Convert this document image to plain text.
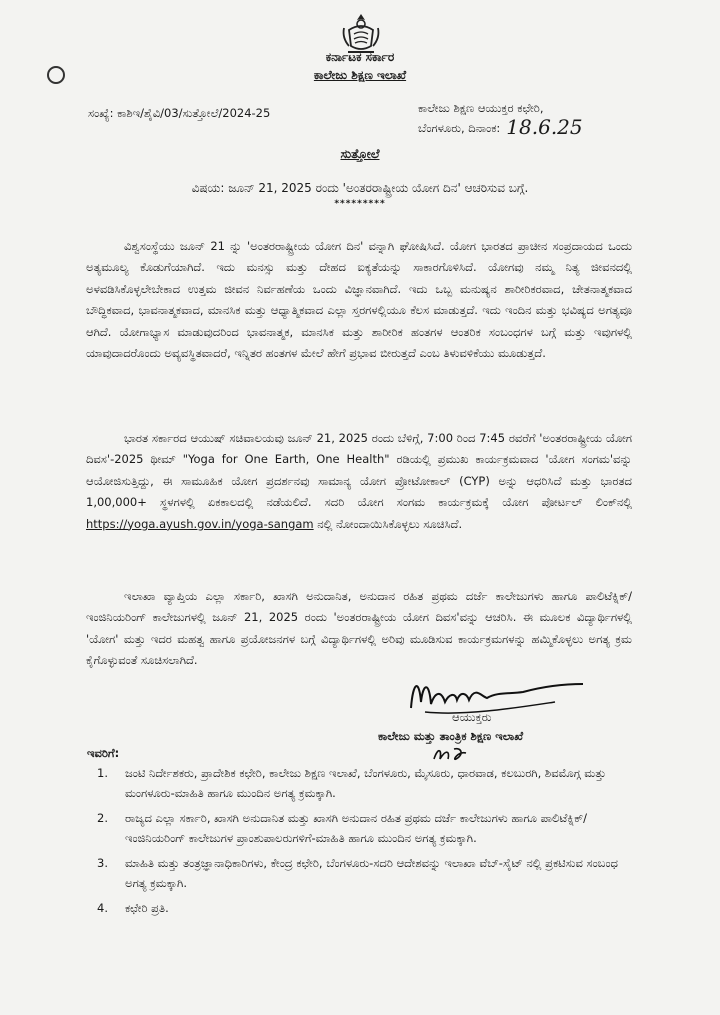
ಕರ್ನಾಟಕ ಸರ್ಕಾರ
ಕಾಲೇಜು ಶಿಕ್ಷಣ ಇಲಾಖೆ
ಸಂಖ್ಯೆ: ಕಾಶಿಇ/ಶೈವಿ/03/ಸುತ್ತೋಲೆ/2024-25	ಕಾಲೇಜು ಶಿಕ್ಷಣ ಆಯುಕ್ತರ ಕಛೇರಿ,
ಬೆಂಗಳೂರು, ದಿನಾಂಕ: 18.6.25
ಸುತ್ತೋಲೆ
ವಿಷಯ: ಜೂನ್ 21, 2025 ರಂದು 'ಅಂತರರಾಷ್ಟ್ರೀಯ ಯೋಗ ದಿನ' ಆಚರಿಸುವ ಬಗ್ಗೆ.
*********

ವಿಶ್ವಸಂಸ್ಥೆಯು ಜೂನ್ 21 ನ್ನು 'ಅಂತರರಾಷ್ಟ್ರೀಯ ಯೋಗ ದಿನ' ವನ್ನಾಗಿ ಘೋಷಿಸಿದೆ. ಯೋಗ ಭಾರತದ ಪ್ರಾಚೀನ ಸಂಪ್ರದಾಯದ ಒಂದು ಅತ್ಯಮೂಲ್ಯ ಕೊಡುಗೆಯಾಗಿದೆ. ಇದು ಮನಸ್ಸು ಮತ್ತು ದೇಹದ ಐಕ್ಯತೆಯನ್ನು ಸಾಕಾರಗೊಳಿಸಿದೆ. ಯೋಗವು ನಮ್ಮ ನಿತ್ಯ ಜೀವನದಲ್ಲಿ ಅಳವಡಿಸಿಕೊಳ್ಳಲೇಬೇಕಾದ ಉತ್ತಮ ಜೀವನ ನಿರ್ವಹಣೆಯ ಒಂದು ವಿಜ್ಞಾನವಾಗಿದೆ. ಇದು ಒಬ್ಬ ಮನುಷ್ಯನ ಶಾರೀರಿಕರವಾದ, ಚೇತನಾತ್ಮಕವಾದ ಬೌದ್ಧಿಕವಾದ, ಭಾವನಾತ್ಮಕವಾದ, ಮಾನಸಿಕ ಮತ್ತು ಆಧ್ಯಾತ್ಮಿಕವಾದ ಎಲ್ಲಾ ಸ್ತರಗಳಲ್ಲಿಯೂ ಕೆಲಸ ಮಾಡುತ್ತದೆ. ಇದು ಇಂದಿನ ಮತ್ತು ಭವಿಷ್ಯದ ಅಗತ್ಯವೂ ಆಗಿದೆ. ಯೋಗಾಭ್ಯಾಸ ಮಾಡುವುದರಿಂದ ಭಾವನಾತ್ಮಕ, ಮಾನಸಿಕ ಮತ್ತು ಶಾರೀರಿಕ ಹಂತಗಳ ಆಂತರಿಕ ಸಂಬಂಧಗಳ ಬಗ್ಗೆ ಮತ್ತು ಇವುಗಳಲ್ಲಿ ಯಾವುದಾದರೊಂದು ಅವ್ಯವಸ್ಥಿತವಾದರೆ, ಇನ್ನಿತರ ಹಂತಗಳ ಮೇಲೆ ಹೇಗೆ ಪ್ರಭಾವ ಬೀರುತ್ತದೆ ಎಂಬ ತಿಳುವಳಿಕೆಯು ಮೂಡುತ್ತದೆ.

ಭಾರತ ಸರ್ಕಾರದ ಆಯುಷ್ ಸಚಿವಾಲಯವು ಜೂನ್ 21, 2025 ರಂದು ಬೆಳಿಗ್ಗೆ, 7:00 ರಿಂದ 7:45 ರವರೆಗೆ 'ಅಂತರರಾಷ್ಟ್ರೀಯ ಯೋಗ ದಿವಸ'-2025 ಥೀಮ್ "Yoga for One Earth, One Health" ರಡಿಯಲ್ಲಿ ಪ್ರಮುಖ ಕಾರ್ಯಕ್ರಮವಾದ 'ಯೋಗ ಸಂಗಮ'ವನ್ನು ಆಯೋಜಿಸುತ್ತಿದ್ದು, ಈ ಸಾಮೂಹಿಕ ಯೋಗ ಪ್ರದರ್ಶನವು ಸಾಮಾನ್ಯ ಯೋಗ ಪ್ರೋಟೋಕಾಲ್ (CYP) ಅನ್ನು ಆಧರಿಸಿದೆ ಮತ್ತು ಭಾರತದ 1,00,000+ ಸ್ಥಳಗಳಲ್ಲಿ ಏಕಕಾಲದಲ್ಲಿ ನಡೆಯಲಿದೆ. ಸದರಿ ಯೋಗ ಸಂಗಮ ಕಾರ್ಯಕ್ರಮಕ್ಕೆ ಯೋಗ ಪೋರ್ಟಲ್ ಲಿಂಕ್‌ನಲ್ಲಿ https://yoga.ayush.gov.in/yoga-sangam ನಲ್ಲಿ ನೋಂದಾಯಿಸಿಕೊಳ್ಳಲು ಸೂಚಿಸಿದೆ.

ಇಲಾಖಾ ವ್ಯಾಪ್ತಿಯ ಎಲ್ಲಾ ಸರ್ಕಾರಿ, ಖಾಸಗಿ ಅನುದಾನಿತ, ಅನುದಾನ ರಹಿತ ಪ್ರಥಮ ದರ್ಜೆ ಕಾಲೇಜುಗಳು ಹಾಗೂ ಪಾಲಿಟೆಕ್ನಿಕ್/ಇಂಜಿನಿಯರಿಂಗ್ ಕಾಲೇಜುಗಳಲ್ಲಿ ಜೂನ್ 21, 2025 ರಂದು 'ಅಂತರರಾಷ್ಟ್ರೀಯ ಯೋಗ ದಿವಸ'ವನ್ನು ಆಚರಿಸಿ. ಈ ಮೂಲಕ ವಿದ್ಯಾರ್ಥಿಗಳಲ್ಲಿ 'ಯೋಗ' ಮತ್ತು ಇದರ ಮಹತ್ವ ಹಾಗೂ ಪ್ರಯೋಜನಗಳ ಬಗ್ಗೆ ವಿದ್ಯಾರ್ಥಿಗಳಲ್ಲಿ ಅರಿವು ಮೂಡಿಸುವ ಕಾರ್ಯಕ್ರಮಗಳನ್ನು ಹಮ್ಮಿಕೊಳ್ಳಲು ಅಗತ್ಯ ಕ್ರಮ ಕೈಗೊಳ್ಳುವಂತೆ ಸೂಚಿಸಲಾಗಿದೆ.

ಆಯುಕ್ತರು
ಕಾಲೇಜು ಮತ್ತು ತಾಂತ್ರಿಕ ಶಿಕ್ಷಣ ಇಲಾಖೆ
ಇವರಿಗೆ:
1. ಜಂಟಿ ನಿರ್ದೇಶಕರು, ಪ್ರಾದೇಶಿಕ ಕಛೇರಿ, ಕಾಲೇಜು ಶಿಕ್ಷಣ ಇಲಾಖೆ, ಬೆಂಗಳೂರು, ಮೈಸೂರು, ಧಾರವಾಡ, ಕಲಬುರಗಿ, ಶಿವಮೊಗ್ಗ ಮತ್ತು ಮಂಗಳೂರು-ಮಾಹಿತಿ ಹಾಗೂ ಮುಂದಿನ ಅಗತ್ಯ ಕ್ರಮಕ್ಕಾಗಿ.
2. ರಾಜ್ಯದ ಎಲ್ಲಾ ಸರ್ಕಾರಿ, ಖಾಸಗಿ ಅನುದಾನಿತ ಮತ್ತು ಖಾಸಗಿ ಅನುದಾನ ರಹಿತ ಪ್ರಥಮ ದರ್ಜೆ ಕಾಲೇಜುಗಳು ಹಾಗೂ ಪಾಲಿಟೆಕ್ನಿಕ್/ಇಂಜಿನಿಯರಿಂಗ್ ಕಾಲೇಜುಗಳ ಪ್ರಾಂಶುಪಾಲರುಗಳಿಗೆ-ಮಾಹಿತಿ ಹಾಗೂ ಮುಂದಿನ ಅಗತ್ಯ ಕ್ರಮಕ್ಕಾಗಿ.
3. ಮಾಹಿತಿ ಮತ್ತು ತಂತ್ರಜ್ಞಾನಾಧಿಕಾರಿಗಳು, ಕೇಂದ್ರ ಕಛೇರಿ, ಬೆಂಗಳೂರು-ಸದರಿ ಆದೇಶವನ್ನು ಇಲಾಖಾ ವೆಬ್-ಸೈಟ್ ನಲ್ಲಿ ಪ್ರಕಟಿಸುವ ಸಂಬಂಧ ಅಗತ್ಯ ಕ್ರಮಕ್ಕಾಗಿ.
4. ಕಛೇರಿ ಪ್ರತಿ.
